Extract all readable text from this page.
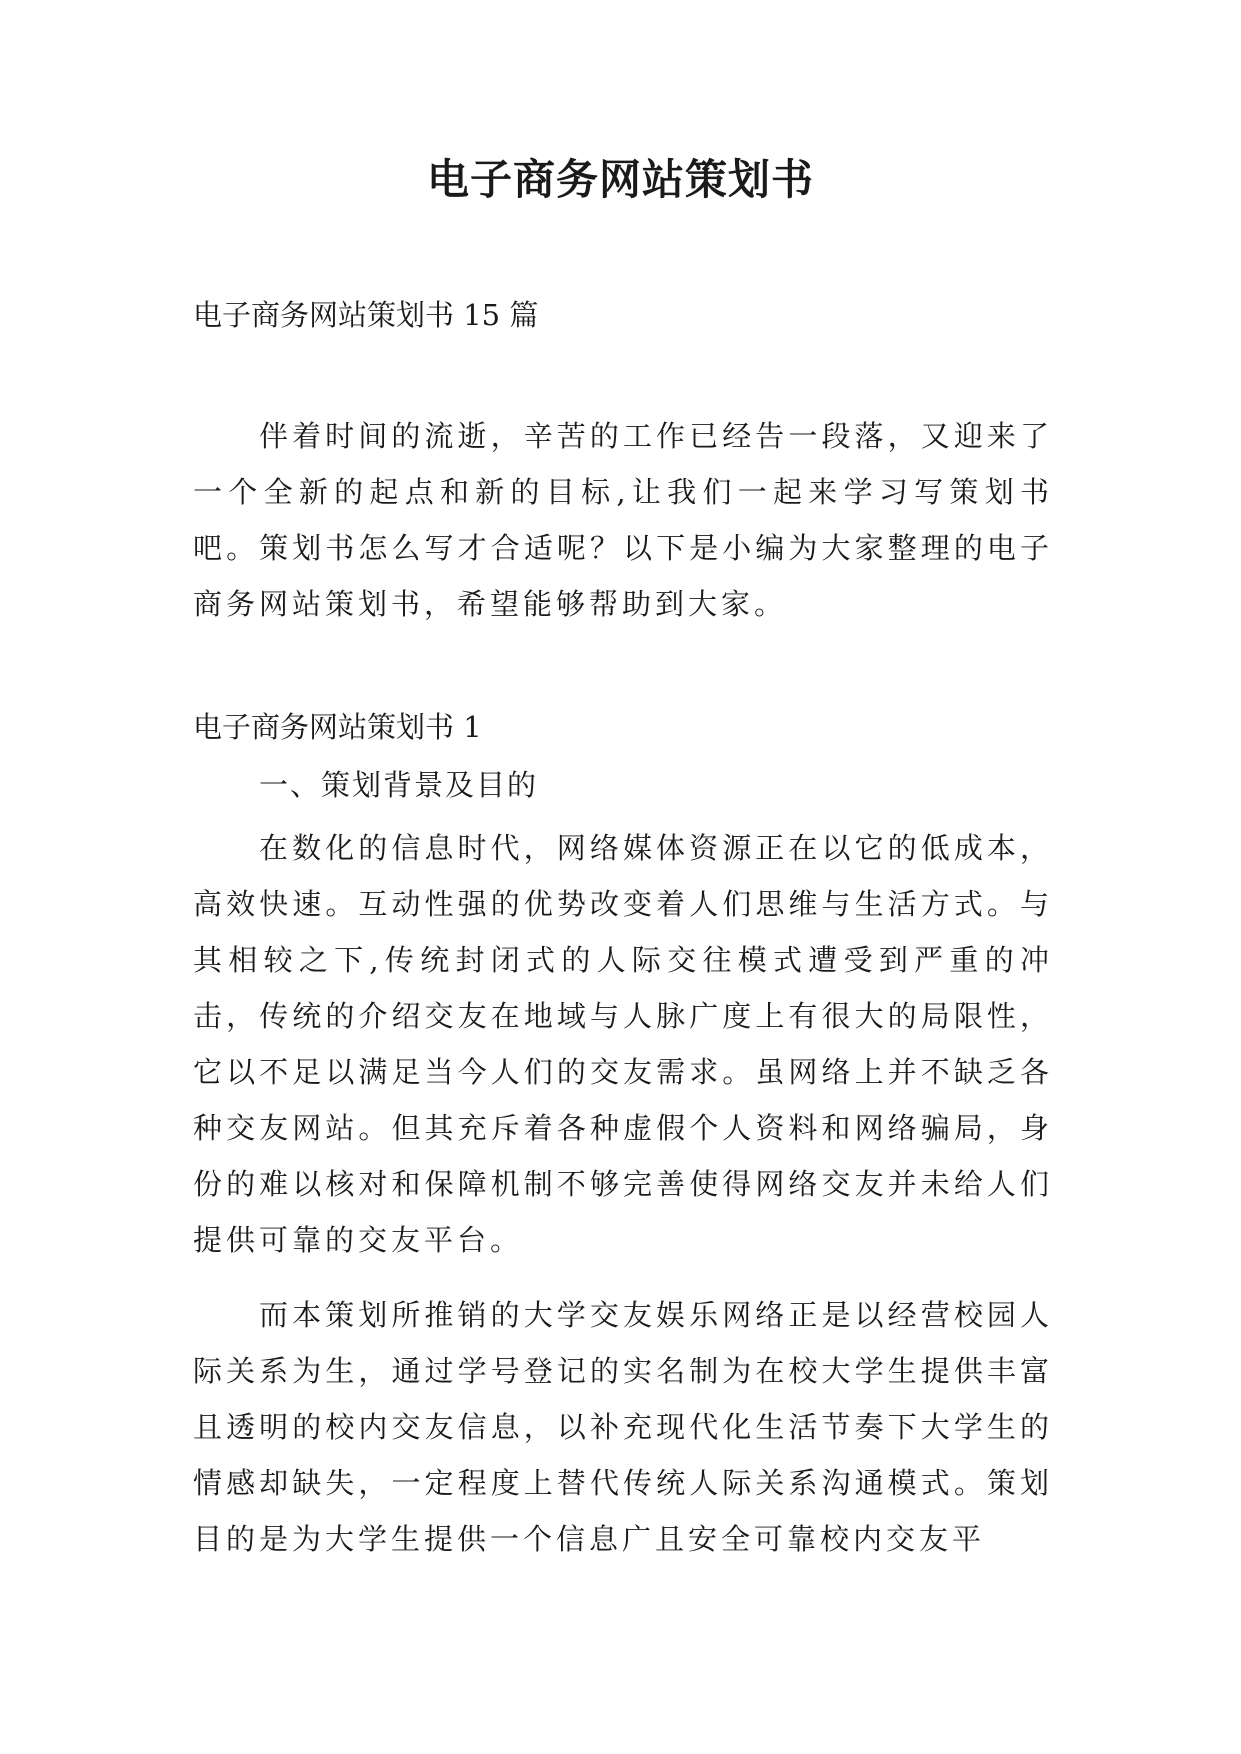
电子商务网站策划书

电子商务网站策划书 15 篇

伴着时间的流逝，辛苦的工作已经告一段落，又迎来了一个全新的起点和新的目标,让我们一起来学习写策划书吧。策划书怎么写才合适呢？以下是小编为大家整理的电子商务网站策划书，希望能够帮助到大家。

电子商务网站策划书 1

一、策划背景及目的

在数化的信息时代，网络媒体资源正在以它的低成本，高效快速。互动性强的优势改变着人们思维与生活方式。与其相较之下,传统封闭式的人际交往模式遭受到严重的冲击，传统的介绍交友在地域与人脉广度上有很大的局限性，它以不足以满足当今人们的交友需求。虽网络上并不缺乏各种交友网站。但其充斥着各种虚假个人资料和网络骗局，身份的难以核对和保障机制不够完善使得网络交友并未给人们提供可靠的交友平台。

而本策划所推销的大学交友娱乐网络正是以经营校园人际关系为生，通过学号登记的实名制为在校大学生提供丰富且透明的校内交友信息，以补充现代化生活节奏下大学生的情感却缺失，一定程度上替代传统人际关系沟通模式。策划目的是为大学生提供一个信息广且安全可靠校内交友平
